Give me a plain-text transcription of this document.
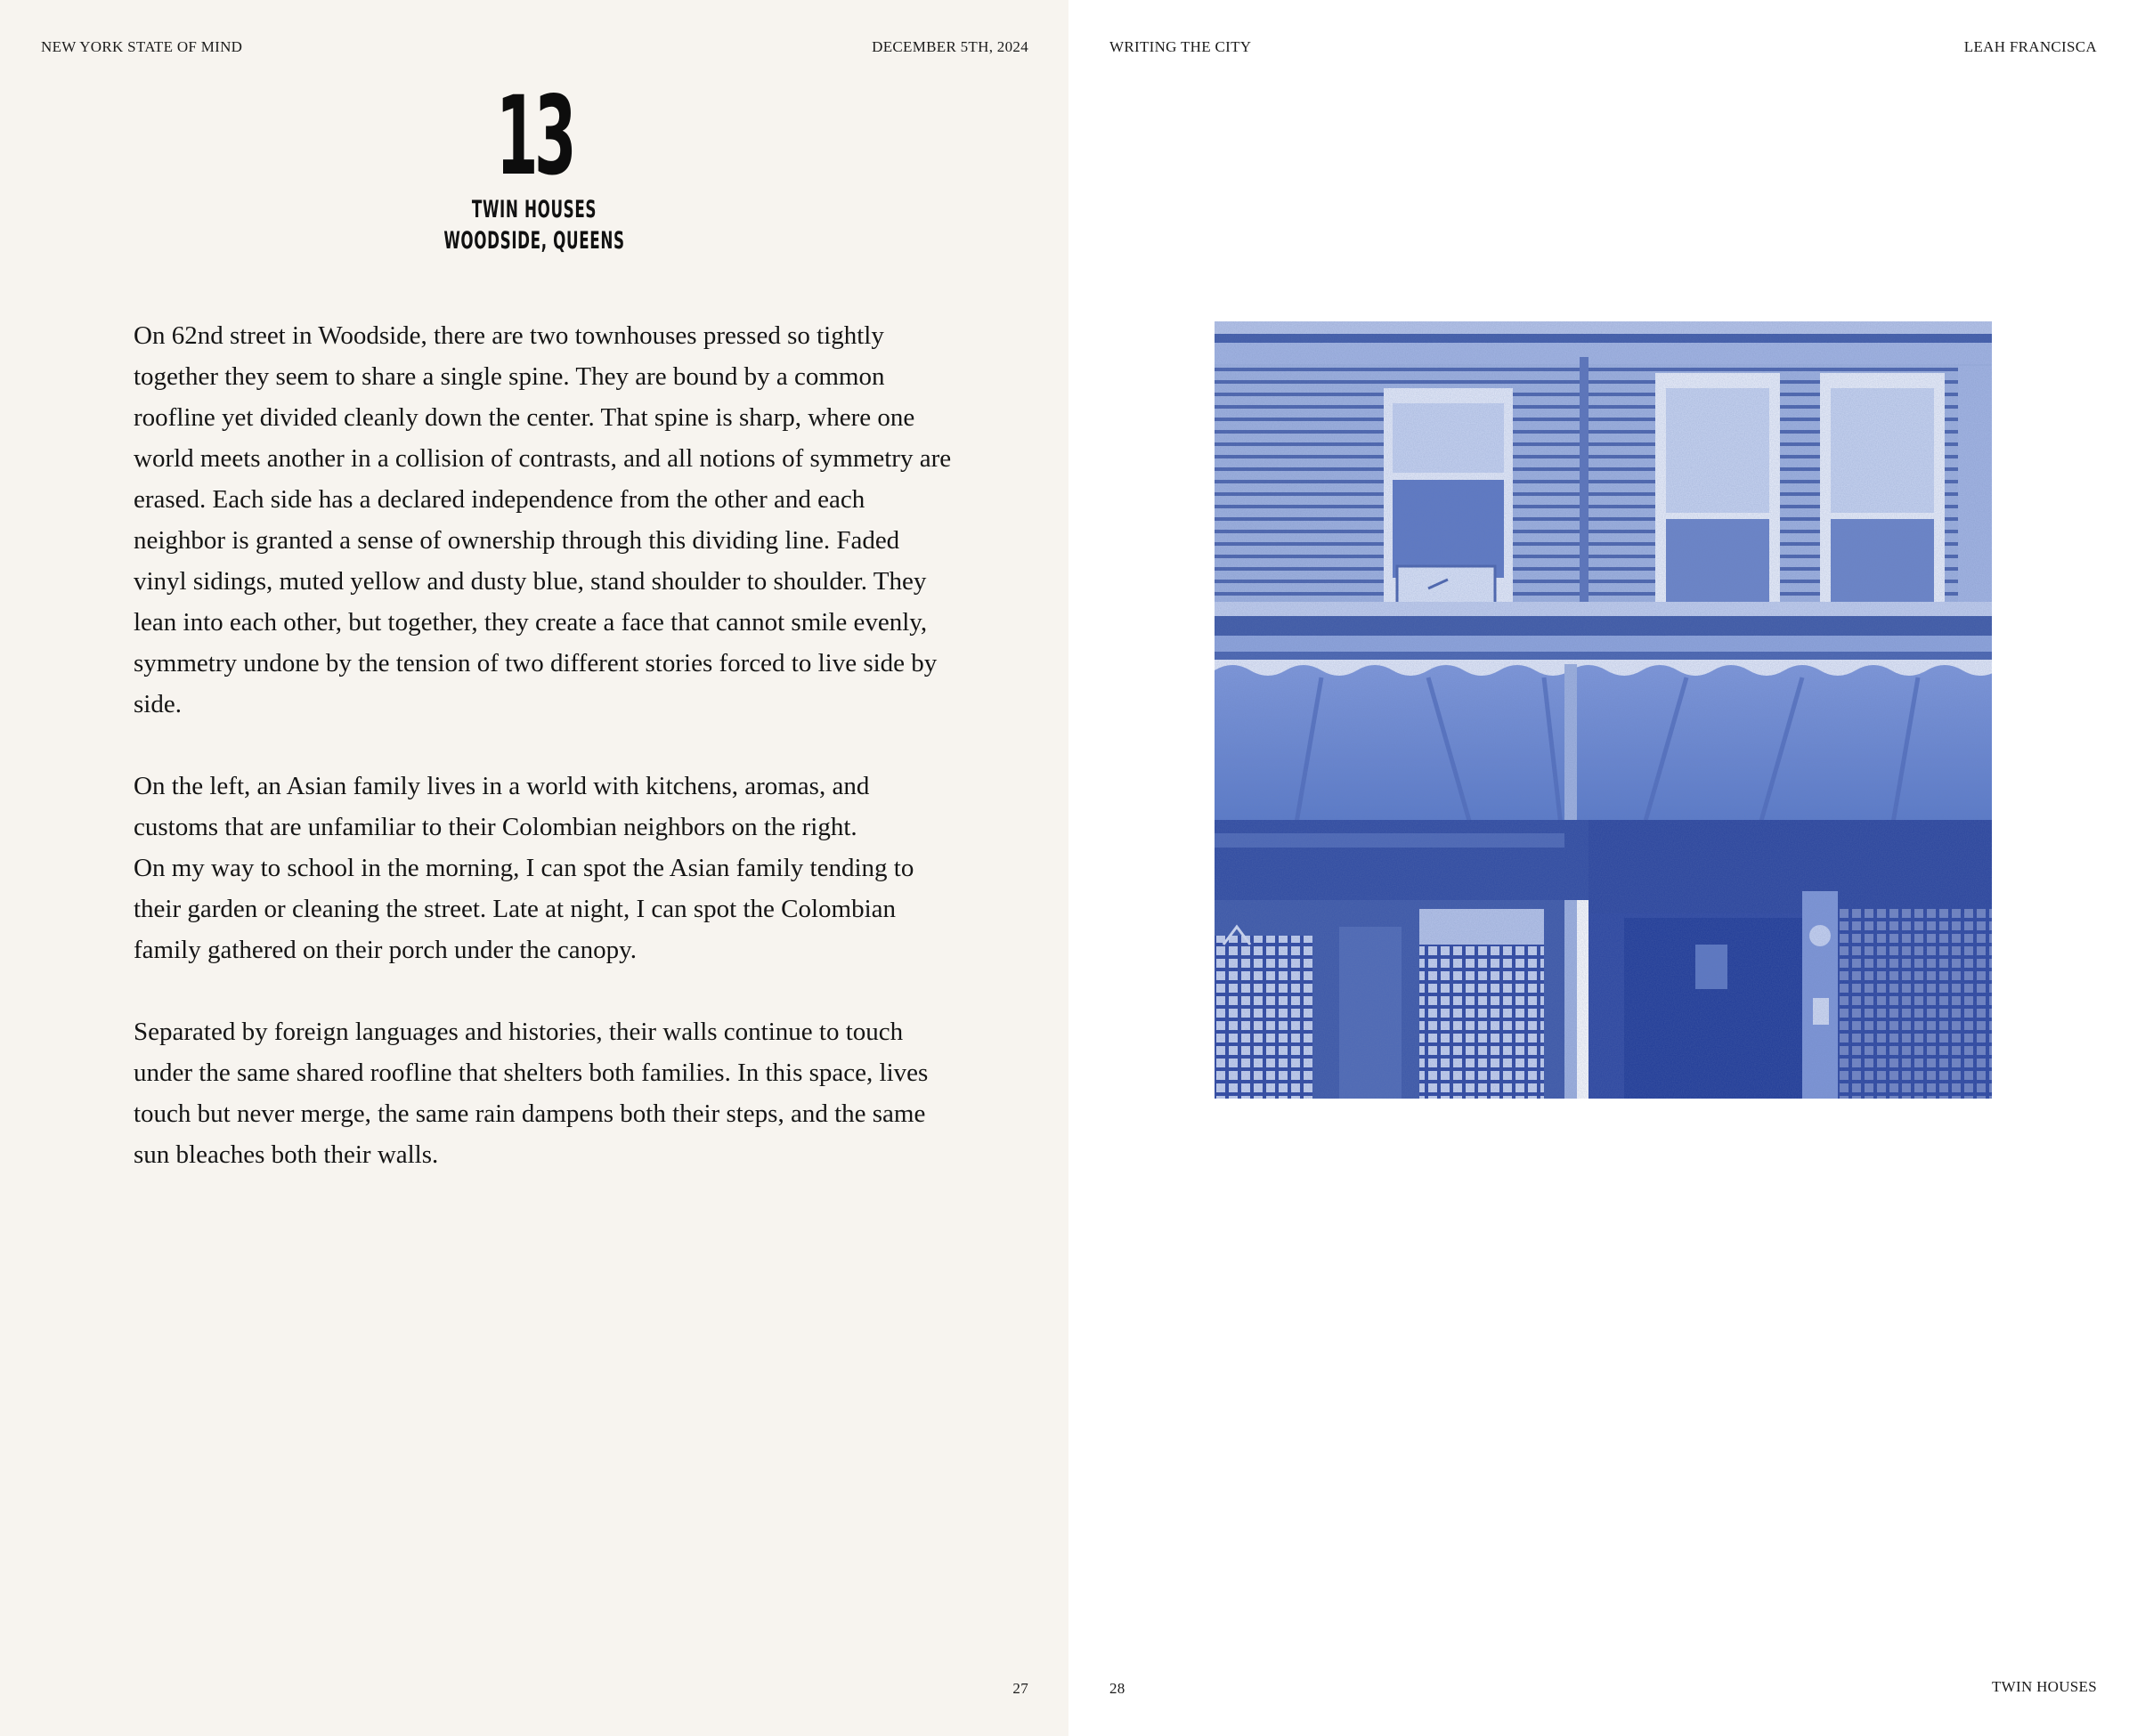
NEW YORK STATE OF MIND	DECEMBER 5TH, 2024
13
TWIN HOUSES
WOODSIDE, QUEENS

On 62nd street in Woodside, there are two townhouses pressed so tightly together they seem to share a single spine. They are bound by a common roofline yet divided cleanly down the center. That spine is sharp, where one world meets another in a collision of contrasts, and all notions of symmetry are erased. Each side has a declared independence from the other and each neighbor is granted a sense of ownership through this dividing line. Faded vinyl sidings, muted yellow and dusty blue, stand shoulder to shoulder. They lean into each other, but together, they create a face that cannot smile evenly, symmetry undone by the tension of two different stories forced to live side by side.

On the left, an Asian family lives in a world with kitchens, aromas, and customs that are unfamiliar to their Colombian neighbors on the right.

On my way to school in the morning, I can spot the Asian family tending to their garden or cleaning the street. Late at night, I can spot the Colombian family gathered on their porch under the canopy.

Separated by foreign languages and histories, their walls continue to touch under the same shared roofline that shelters both families. In this space, lives touch but never merge, the same rain dampens both their steps, and the same sun bleaches both their walls.

27
WRITING THE CITY	LEAH FRANCISCA
28	TWIN HOUSES
